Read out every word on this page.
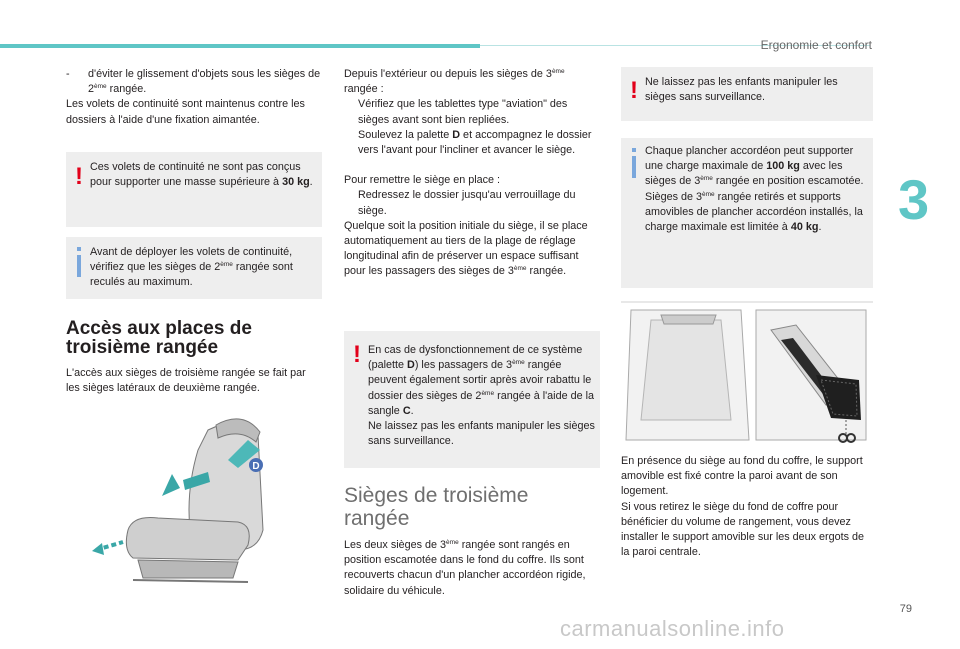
Ergonomie et confort
3
-	d'éviter le glissement d'objets sous les sièges de 2ème rangée.

Les volets de continuité sont maintenus contre les dossiers à l'aide d'une fixation aimantée.

! Ces volets de continuité ne sont pas conçus pour supporter une masse supérieure à 30 kg.
Avant de déployer les volets de continuité, vérifiez que les sièges de 2ème rangée sont reculés au maximum.
Accès aux places de
troisième rangée

L'accès aux sièges de troisième rangée se fait par les sièges latéraux de deuxième rangée.

D

Depuis l'extérieur ou depuis les sièges de 3ème rangée :

Vérifiez que les tablettes type "aviation" des sièges avant sont bien repliées.
Soulevez la palette D et accompagnez le dossier vers l'avant pour l'incliner et avancer le siège.

Pour remettre le siège en place :

Redressez le dossier jusqu'au verrouillage du siège.

Quelque soit la position initiale du siège, il se place automatiquement au tiers de la plage de réglage longitudinal afin de préserver un espace suffisant pour les passagers des sièges de 3ème rangée.

! En cas de dysfonctionnement de ce système (palette D) les passagers de 3ème rangée peuvent également sortir après avoir rabattu le dossier des sièges de 2ème rangée à l'aide de la sangle C.
Ne laissez pas les enfants manipuler les sièges sans surveillance.
Sièges de troisième
rangée

Les deux sièges de 3ème rangée sont rangés en position escamotée dans le fond du coffre. Ils sont recouverts chacun d'un plancher accordéon rigide, solidaire du véhicule.

! Ne laissez pas les enfants manipuler les sièges sans surveillance.
Chaque plancher accordéon peut supporter une charge maximale de 100 kg avec les sièges de 3ème rangée en position escamotée.
Sièges de 3ème rangée retirés et supports amovibles de plancher accordéon installés, la charge maximale est limitée à 40 kg.
En présence du siège au fond du coffre, le support amovible est fixé contre la paroi avant de son logement.
Si vous retirez le siège du fond de coffre pour bénéficier du volume de rangement, vous devez installer le support amovible sur les deux ergots de la paroi centrale.
79
carmanualsonline.info
